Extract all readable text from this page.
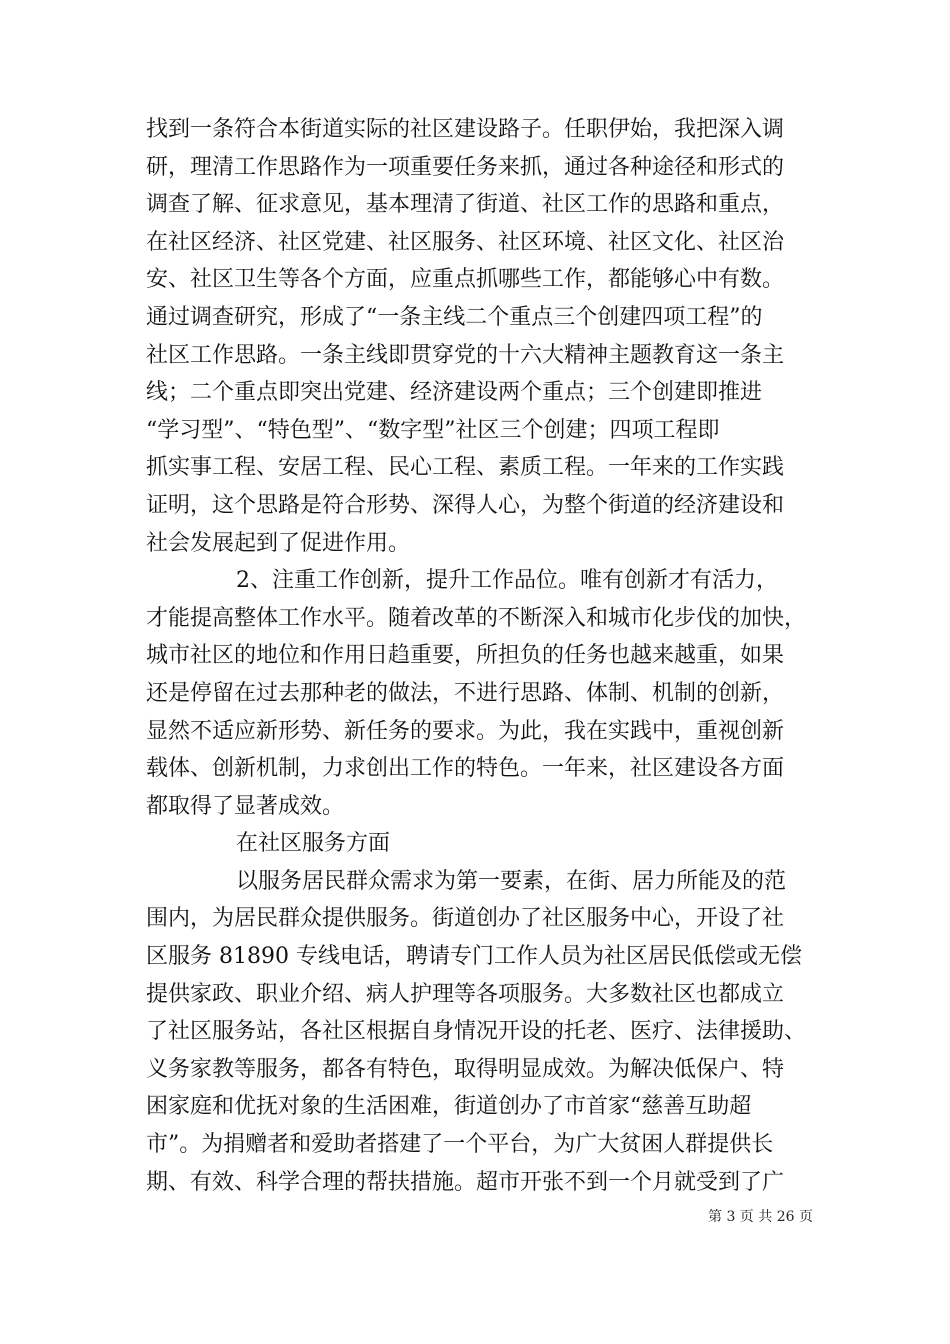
找到一条符合本街道实际的社区建设路子。任职伊始，我把深入调
研，理清工作思路作为一项重要任务来抓，通过各种途径和形式的
调查了解、征求意见，基本理清了街道、社区工作的思路和重点，
在社区经济、社区党建、社区服务、社区环境、社区文化、社区治
安、社区卫生等各个方面，应重点抓哪些工作，都能够心中有数。
通过调查研究，形成了“一条主线二个重点三个创建四项工程”的
社区工作思路。一条主线即贯穿党的十六大精神主题教育这一条主
线；二个重点即突出党建、经济建设两个重点；三个创建即推进
“学习型”、“特色型”、“数字型”社区三个创建；四项工程即
抓实事工程、安居工程、民心工程、素质工程。一年来的工作实践
证明，这个思路是符合形势、深得人心，为整个街道的经济建设和
社会发展起到了促进作用。
2、注重工作创新，提升工作品位。唯有创新才有活力，
才能提高整体工作水平。随着改革的不断深入和城市化步伐的加快，
城市社区的地位和作用日趋重要，所担负的任务也越来越重，如果
还是停留在过去那种老的做法，不进行思路、体制、机制的创新，
显然不适应新形势、新任务的要求。为此，我在实践中，重视创新
载体、创新机制，力求创出工作的特色。一年来，社区建设各方面
都取得了显著成效。
在社区服务方面
以服务居民群众需求为第一要素，在街、居力所能及的范
围内，为居民群众提供服务。街道创办了社区服务中心，开设了社
区服务 81890 专线电话，聘请专门工作人员为社区居民低偿或无偿
提供家政、职业介绍、病人护理等各项服务。大多数社区也都成立
了社区服务站，各社区根据自身情况开设的托老、医疗、法律援助、
义务家教等服务，都各有特色，取得明显成效。为解决低保户、特
困家庭和优抚对象的生活困难，街道创办了市首家“慈善互助超
市”。为捐赠者和爱助者搭建了一个平台，为广大贫困人群提供长
期、有效、科学合理的帮扶措施。超市开张不到一个月就受到了广
第 3 页 共 26 页
